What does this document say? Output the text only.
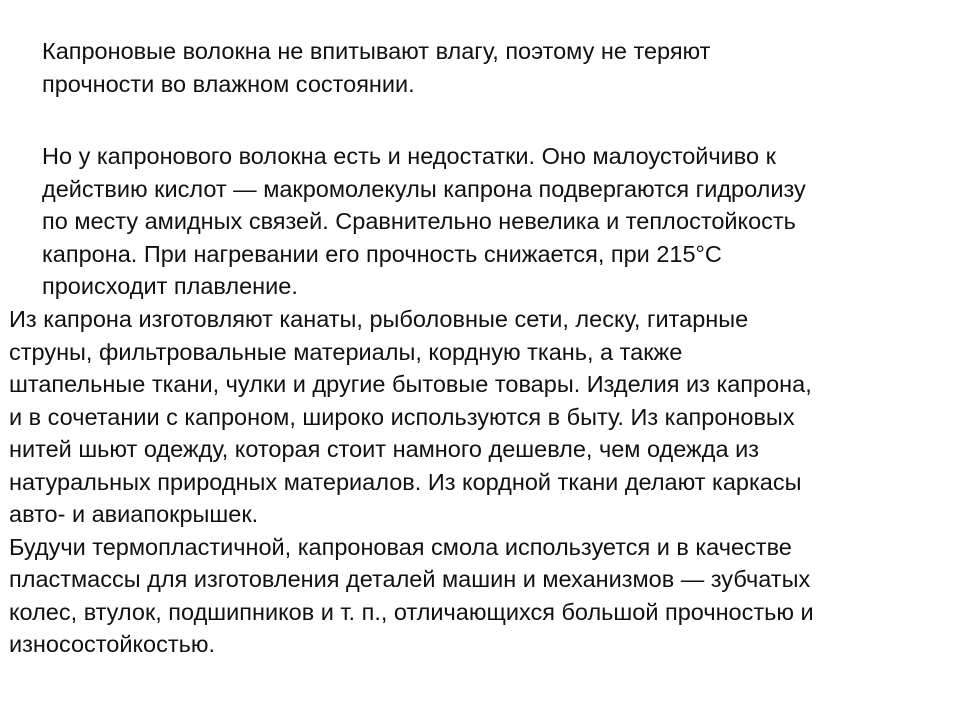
Капроновые волокна не впитывают влагу, поэтому не теряют
прочности во влажном состоянии.
Но у капронового волокна есть и недостатки. Оно малоустойчиво к
действию кислот — макромолекулы капрона подвергаются гидролизу
по месту амидных связей. Сравнительно невелика и теплостойкость
капрона. При нагревании его прочность снижается, при 215°С
происходит плавление.
Из капрона изготовляют канаты, рыболовные сети, леску, гитарные
струны, фильтровальные материалы, кордную ткань, а также
штапельные ткани, чулки и другие бытовые товары. Изделия из капрона,
и в сочетании с капроном, широко используются в быту. Из капроновых
нитей шьют одежду, которая стоит намного дешевле, чем одежда из
натуральных природных материалов. Из кордной ткани делают каркасы
авто- и авиапокрышек.
Будучи термопластичной, капроновая смола используется и в качестве
пластмассы для изготовления деталей машин и механизмов — зубчатых
колес, втулок, подшипников и т. п., отличающихся большой прочностью и
износостойкостью.
